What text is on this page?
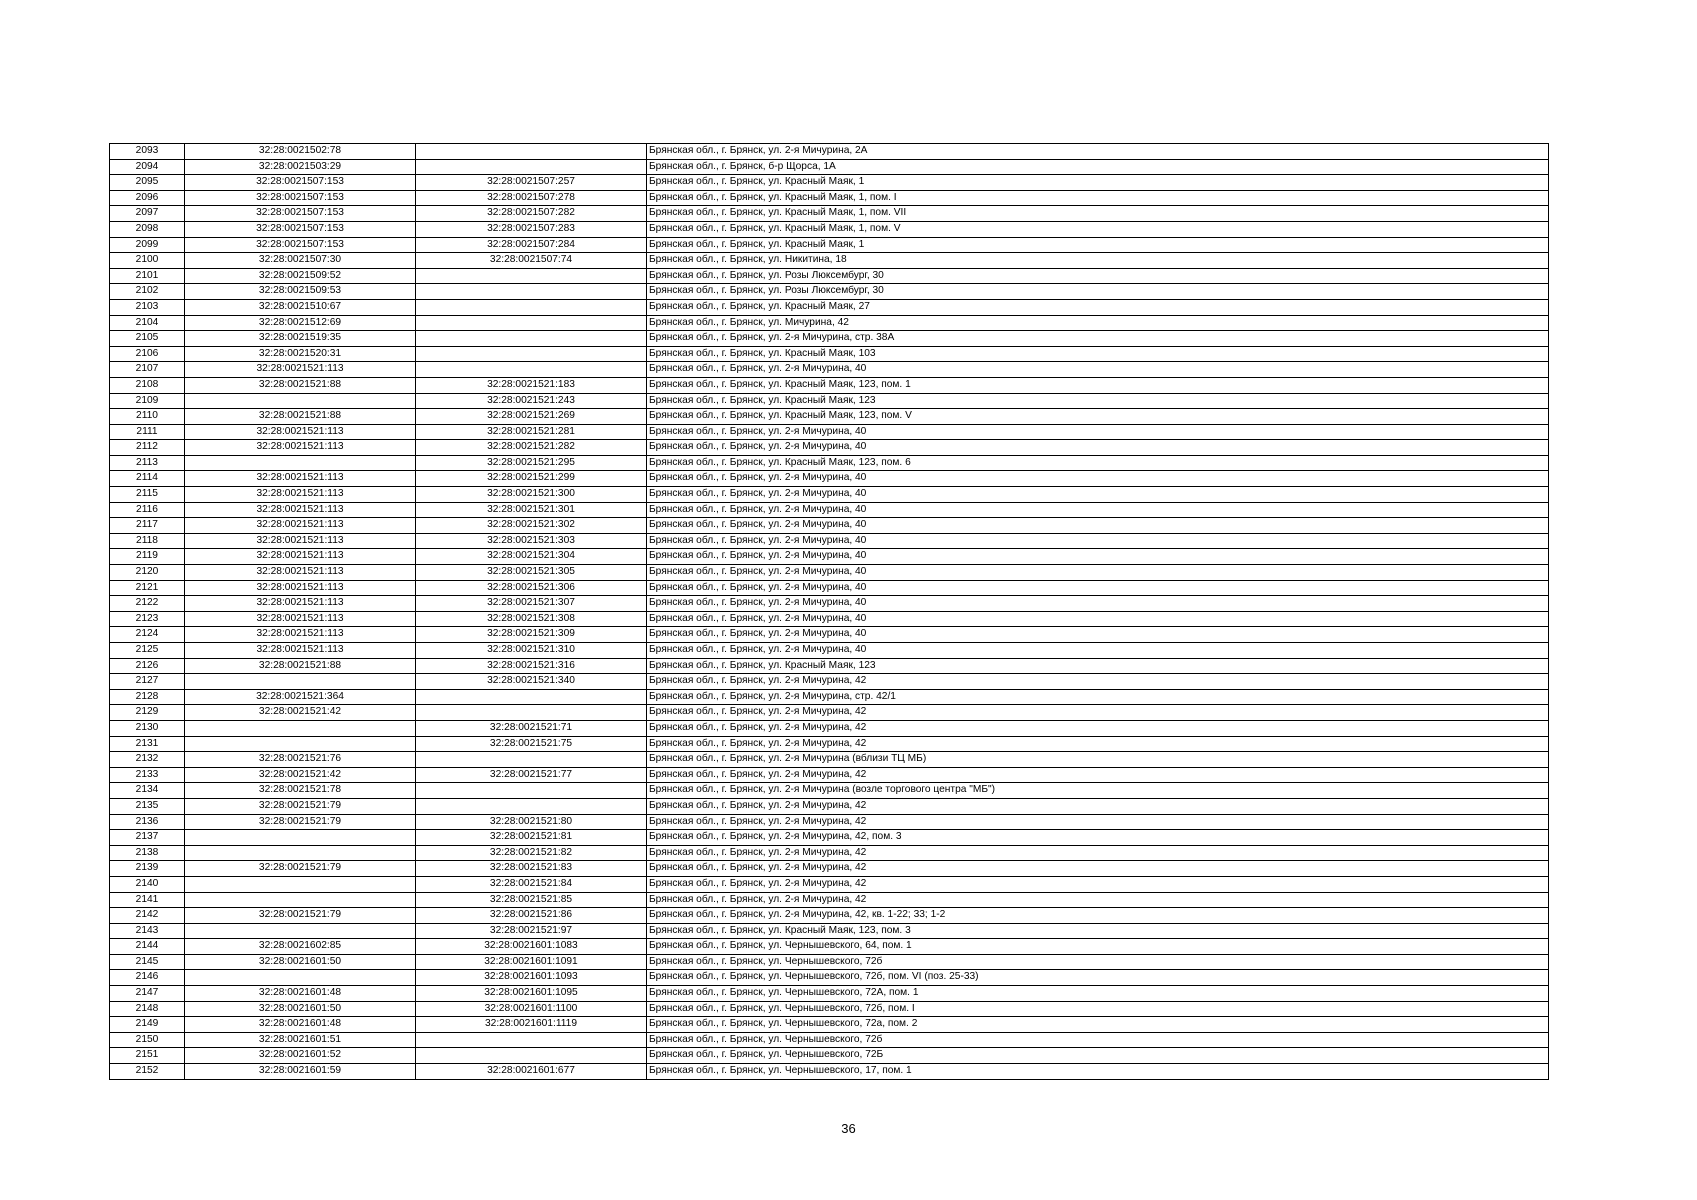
2093	32:28:0021502:78		Брянская обл., г. Брянск, ул. 2-я Мичурина, 2А
2094	32:28:0021503:29		Брянская обл., г. Брянск, б-р Щорса, 1А
2095	32:28:0021507:153	32:28:0021507:257	Брянская обл., г. Брянск, ул. Красный Маяк, 1
2096	32:28:0021507:153	32:28:0021507:278	Брянская обл., г. Брянск, ул. Красный Маяк, 1, пом. I
2097	32:28:0021507:153	32:28:0021507:282	Брянская обл., г. Брянск, ул. Красный Маяк, 1, пом. VII
2098	32:28:0021507:153	32:28:0021507:283	Брянская обл., г. Брянск, ул. Красный Маяк, 1, пом. V
2099	32:28:0021507:153	32:28:0021507:284	Брянская обл., г. Брянск, ул. Красный Маяк, 1
2100	32:28:0021507:30	32:28:0021507:74	Брянская обл., г. Брянск, ул. Никитина, 18
2101	32:28:0021509:52		Брянская обл., г. Брянск, ул. Розы Люксембург, 30
2102	32:28:0021509:53		Брянская обл., г. Брянск, ул. Розы Люксембург, 30
2103	32:28:0021510:67		Брянская обл., г. Брянск, ул. Красный Маяк, 27
2104	32:28:0021512:69		Брянская обл., г. Брянск, ул. Мичурина, 42
2105	32:28:0021519:35		Брянская обл., г. Брянск, ул. 2-я Мичурина, стр. 38А
2106	32:28:0021520:31		Брянская обл., г. Брянск, ул. Красный Маяк, 103
2107	32:28:0021521:113		Брянская обл., г. Брянск, ул. 2-я Мичурина, 40
2108	32:28:0021521:88	32:28:0021521:183	Брянская обл., г. Брянск, ул. Красный Маяк, 123, пом. 1
2109		32:28:0021521:243	Брянская обл., г. Брянск, ул. Красный Маяк, 123
2110	32:28:0021521:88	32:28:0021521:269	Брянская обл., г. Брянск, ул. Красный Маяк, 123, пом. V
2111	32:28:0021521:113	32:28:0021521:281	Брянская обл., г. Брянск, ул. 2-я Мичурина, 40
2112	32:28:0021521:113	32:28:0021521:282	Брянская обл., г. Брянск, ул. 2-я Мичурина, 40
2113		32:28:0021521:295	Брянская обл., г. Брянск, ул. Красный Маяк, 123, пом. 6
2114	32:28:0021521:113	32:28:0021521:299	Брянская обл., г. Брянск, ул. 2-я Мичурина, 40
2115	32:28:0021521:113	32:28:0021521:300	Брянская обл., г. Брянск, ул. 2-я Мичурина, 40
2116	32:28:0021521:113	32:28:0021521:301	Брянская обл., г. Брянск, ул. 2-я Мичурина, 40
2117	32:28:0021521:113	32:28:0021521:302	Брянская обл., г. Брянск, ул. 2-я Мичурина, 40
2118	32:28:0021521:113	32:28:0021521:303	Брянская обл., г. Брянск, ул. 2-я Мичурина, 40
2119	32:28:0021521:113	32:28:0021521:304	Брянская обл., г. Брянск, ул. 2-я Мичурина, 40
2120	32:28:0021521:113	32:28:0021521:305	Брянская обл., г. Брянск, ул. 2-я Мичурина, 40
2121	32:28:0021521:113	32:28:0021521:306	Брянская обл., г. Брянск, ул. 2-я Мичурина, 40
2122	32:28:0021521:113	32:28:0021521:307	Брянская обл., г. Брянск, ул. 2-я Мичурина, 40
2123	32:28:0021521:113	32:28:0021521:308	Брянская обл., г. Брянск, ул. 2-я Мичурина, 40
2124	32:28:0021521:113	32:28:0021521:309	Брянская обл., г. Брянск, ул. 2-я Мичурина, 40
2125	32:28:0021521:113	32:28:0021521:310	Брянская обл., г. Брянск, ул. 2-я Мичурина, 40
2126	32:28:0021521:88	32:28:0021521:316	Брянская обл., г. Брянск, ул. Красный Маяк, 123
2127		32:28:0021521:340	Брянская обл., г. Брянск, ул. 2-я Мичурина, 42
2128	32:28:0021521:364		Брянская обл., г. Брянск, ул. 2-я Мичурина, стр. 42/1
2129	32:28:0021521:42		Брянская обл., г. Брянск, ул. 2-я Мичурина, 42
2130		32:28:0021521:71	Брянская обл., г. Брянск, ул. 2-я Мичурина, 42
2131		32:28:0021521:75	Брянская обл., г. Брянск, ул. 2-я Мичурина, 42
2132	32:28:0021521:76		Брянская обл., г. Брянск, ул. 2-я Мичурина (вблизи ТЦ МБ)
2133	32:28:0021521:42	32:28:0021521:77	Брянская обл., г. Брянск, ул. 2-я Мичурина, 42
2134	32:28:0021521:78		Брянская обл., г. Брянск, ул. 2-я Мичурина (возле торгового центра "МБ")
2135	32:28:0021521:79		Брянская обл., г. Брянск, ул. 2-я Мичурина, 42
2136	32:28:0021521:79	32:28:0021521:80	Брянская обл., г. Брянск, ул. 2-я Мичурина, 42
2137		32:28:0021521:81	Брянская обл., г. Брянск, ул. 2-я Мичурина, 42, пом. 3
2138		32:28:0021521:82	Брянская обл., г. Брянск, ул. 2-я Мичурина, 42
2139	32:28:0021521:79	32:28:0021521:83	Брянская обл., г. Брянск, ул. 2-я Мичурина, 42
2140		32:28:0021521:84	Брянская обл., г. Брянск, ул. 2-я Мичурина, 42
2141		32:28:0021521:85	Брянская обл., г. Брянск, ул. 2-я Мичурина, 42
2142	32:28:0021521:79	32:28:0021521:86	Брянская обл., г. Брянск, ул. 2-я Мичурина, 42, кв. 1-22; 33; 1-2
2143		32:28:0021521:97	Брянская обл., г. Брянск, ул. Красный Маяк, 123, пом. 3
2144	32:28:0021602:85	32:28:0021601:1083	Брянская обл., г. Брянск, ул. Чернышевского, 64, пом. 1
2145	32:28:0021601:50	32:28:0021601:1091	Брянская обл., г. Брянск, ул. Чернышевского, 72б
2146		32:28:0021601:1093	Брянская обл., г. Брянск, ул. Чернышевского, 72б, пом. VI (поз. 25-33)
2147	32:28:0021601:48	32:28:0021601:1095	Брянская обл., г. Брянск, ул. Чернышевского, 72А, пом. 1
2148	32:28:0021601:50	32:28:0021601:1100	Брянская обл., г. Брянск, ул. Чернышевского, 72б, пом. I
2149	32:28:0021601:48	32:28:0021601:1119	Брянская обл., г. Брянск, ул. Чернышевского, 72а, пом. 2
2150	32:28:0021601:51		Брянская обл., г. Брянск, ул. Чернышевского, 72б
2151	32:28:0021601:52		Брянская обл., г. Брянск, ул. Чернышевского, 72Б
2152	32:28:0021601:59	32:28:0021601:677	Брянская обл., г. Брянск, ул. Чернышевского, 17, пом. 1
36
